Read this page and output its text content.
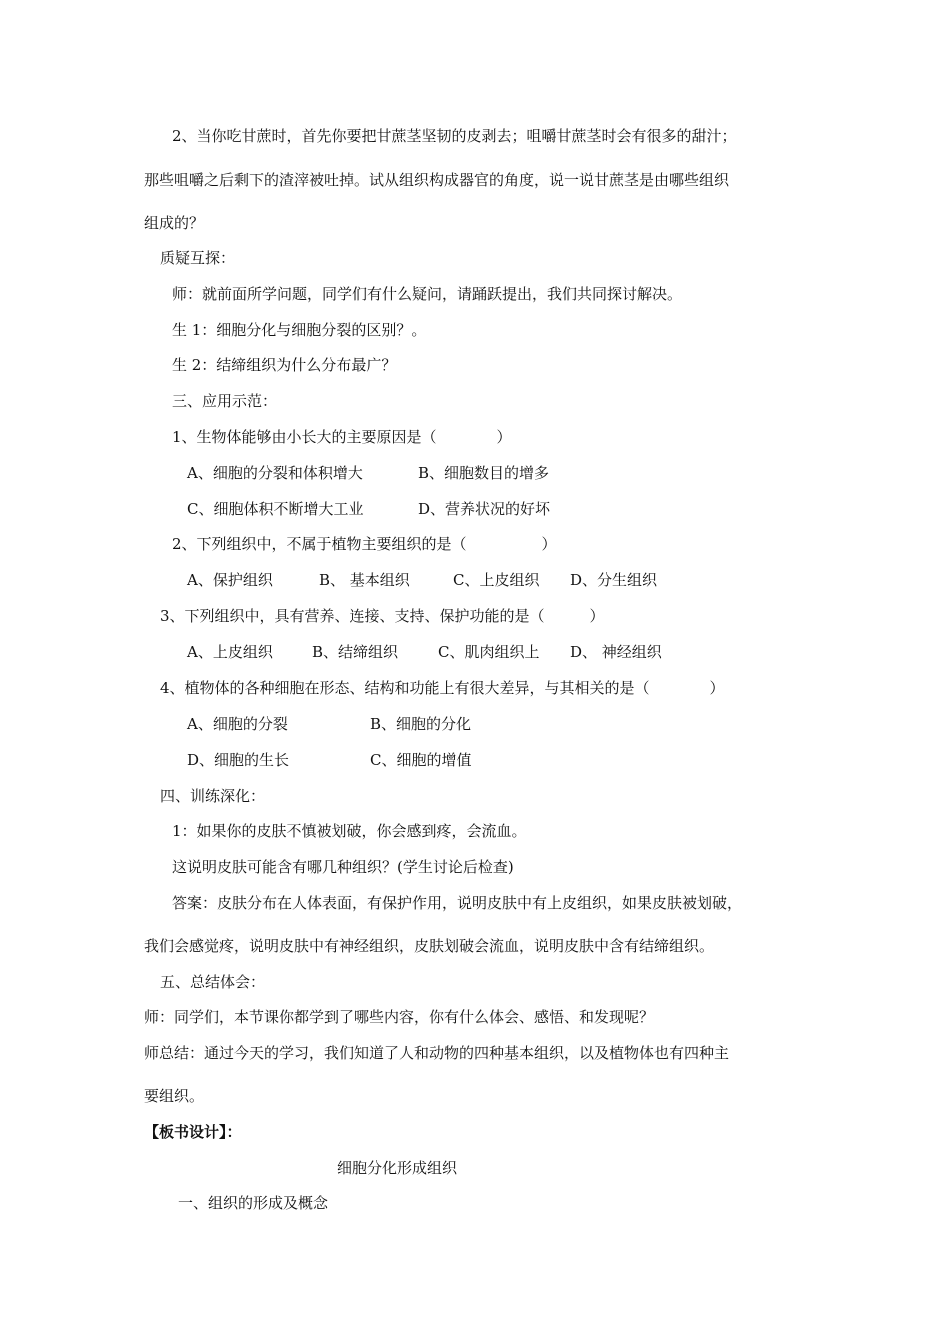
2、当你吃甘蔗时，首先你要把甘蔗茎坚韧的皮剥去；咀嚼甘蔗茎时会有很多的甜汁；
那些咀嚼之后剩下的渣滓被吐掉。试从组织构成器官的角度，说一说甘蔗茎是由哪些组织
组成的？
质疑互探：
师：就前面所学问题，同学们有什么疑问，请踊跃提出，我们共同探讨解决。
生 1：细胞分化与细胞分裂的区别？。
生 2：结缔组织为什么分布最广？
三、应用示范：
1、生物体能够由小长大的主要原因是（　　　　）
A、细胞的分裂和体积增大	B、细胞数目的增多
C、细胞体积不断增大工业	D、营养状况的好坏
2、下列组织中，不属于植物主要组织的是（　　　　　）
A、保护组织	B、 基本组织	C、上皮组织 D、分生组织
3、下列组织中，具有营养、连接、支持、保护功能的是（　　　）
A、上皮组织	B、结缔组织	C、肌肉组织上 D、 神经组织
4、植物体的各种细胞在形态、结构和功能上有很大差异，与其相关的是（　　　　）
A、细胞的分裂	B、细胞的分化
D、细胞的生长	C、细胞的增值
四、训练深化：
1：如果你的皮肤不慎被划破，你会感到疼，会流血。
这说明皮肤可能含有哪几种组织？(学生讨论后检查)
答案：皮肤分布在人体表面，有保护作用，说明皮肤中有上皮组织，如果皮肤被划破，
我们会感觉疼，说明皮肤中有神经组织，皮肤划破会流血，说明皮肤中含有结缔组织。
五、总结体会：
师：同学们，本节课你都学到了哪些内容，你有什么体会、感悟、和发现呢？
师总结：通过今天的学习，我们知道了人和动物的四种基本组织，以及植物体也有四种主
要组织。
【板书设计】：
细胞分化形成组织
一、组织的形成及概念
